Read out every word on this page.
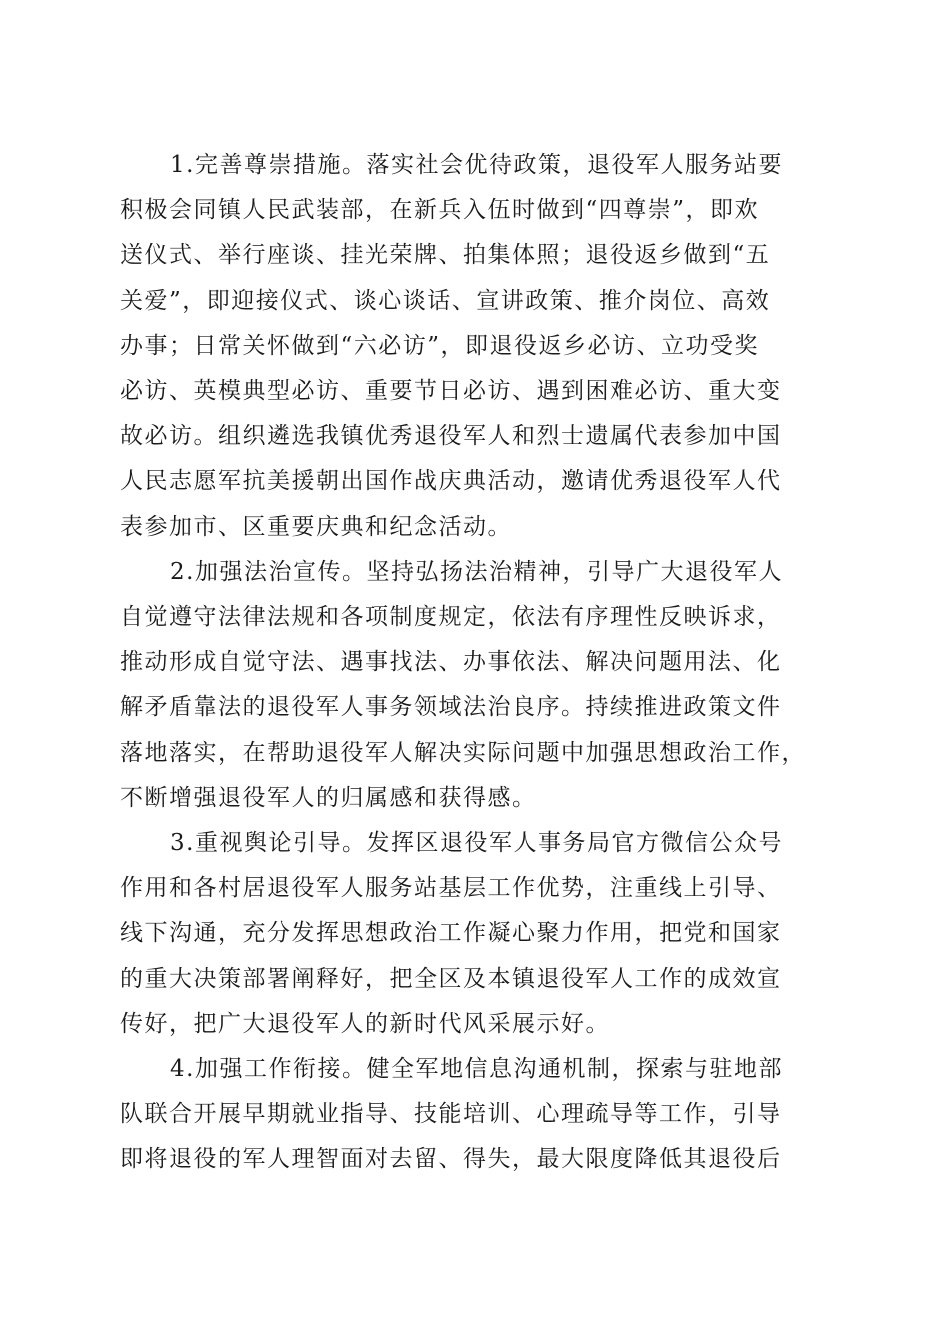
1.完善尊崇措施。落实社会优待政策，退役军人服务站要
积极会同镇人民武装部，在新兵入伍时做到“四尊崇”，即欢
送仪式、举行座谈、挂光荣牌、拍集体照；退役返乡做到“五
关爱”，即迎接仪式、谈心谈话、宣讲政策、推介岗位、高效
办事；日常关怀做到“六必访”，即退役返乡必访、立功受奖
必访、英模典型必访、重要节日必访、遇到困难必访、重大变
故必访。组织遴选我镇优秀退役军人和烈士遗属代表参加中国
人民志愿军抗美援朝出国作战庆典活动，邀请优秀退役军人代
表参加市、区重要庆典和纪念活动。
2.加强法治宣传。坚持弘扬法治精神，引导广大退役军人
自觉遵守法律法规和各项制度规定，依法有序理性反映诉求，
推动形成自觉守法、遇事找法、办事依法、解决问题用法、化
解矛盾靠法的退役军人事务领域法治良序。持续推进政策文件
落地落实，在帮助退役军人解决实际问题中加强思想政治工作，
不断增强退役军人的归属感和获得感。
3.重视舆论引导。发挥区退役军人事务局官方微信公众号
作用和各村居退役军人服务站基层工作优势，注重线上引导、
线下沟通，充分发挥思想政治工作凝心聚力作用，把党和国家
的重大决策部署阐释好，把全区及本镇退役军人工作的成效宣
传好，把广大退役军人的新时代风采展示好。
4.加强工作衔接。健全军地信息沟通机制，探索与驻地部
队联合开展早期就业指导、技能培训、心理疏导等工作，引导
即将退役的军人理智面对去留、得失，最大限度降低其退役后
